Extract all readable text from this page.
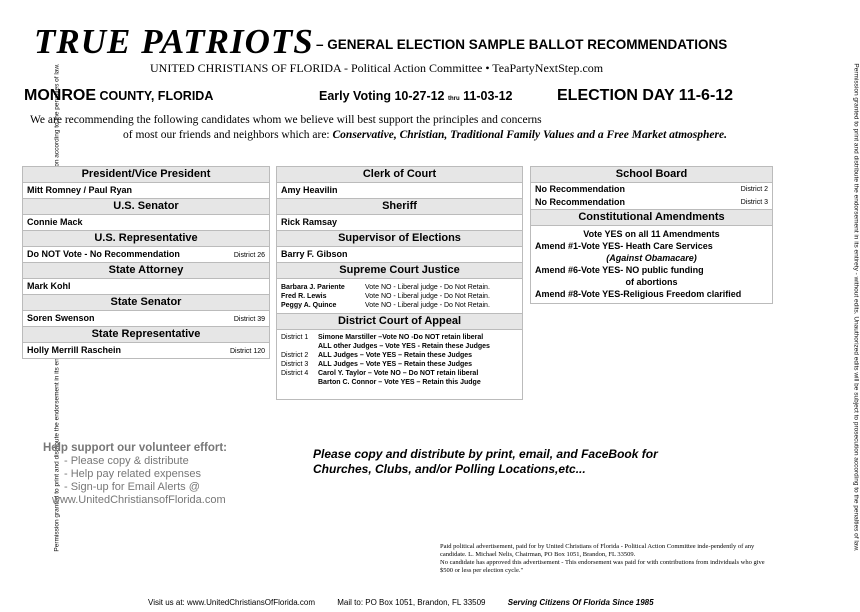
Permission granted to print and distribute the endorsement in its entirety - without edits. Unauthorized edits will be subject to prosecution according to the penalties of law.
TRUE PATRIOTS – GENERAL ELECTION SAMPLE BALLOT RECOMMENDATIONS
UNITED CHRISTIANS OF FLORIDA - Political Action Committee • TeaPartyNextStep.com
MONROE COUNTY, FLORIDA	Early Voting 10-27-12 thru 11-03-12	ELECTION DAY 11-6-12
We are recommending the following candidates whom we believe will best support the principles and concerns
of most our friends and neighbors which are: Conservative, Christian, Traditional Family Values and a Free Market atmosphere.
President/Vice President
Mitt Romney / Paul Ryan
U.S. Senator
Connie Mack
U.S. Representative
Do NOT Vote - No Recommendation	District 26
State Attorney
Mark Kohl
State Senator
Soren Swenson	District 39
State Representative
Holly Merrill Raschein	District 120
Clerk of Court
Amy Heavilin
Sheriff
Rick Ramsay
Supervisor of Elections
Barry F. Gibson
Supreme Court Justice
Barbara J. Pariente	Vote NO - Liberal judge - Do Not Retain.
Fred R. Lewis	Vote NO - Liberal judge - Do Not Retain.
Peggy A. Quince	Vote NO - Liberal judge - Do Not Retain.
District Court of Appeal
District 1 Simone Marstiller –Vote NO -Do NOT retain liberal
ALL other Judges – Vote YES - Retain these Judges
District 2 ALL Judges – Vote YES – Retain these Judges
District 3 ALL Judges – Vote YES – Retain these Judges
District 4 Carol Y. Taylor – Vote NO – Do NOT retain liberal
Barton C. Connor – Vote YES – Retain this Judge
School Board
No Recommendation	District 2
No Recommendation	District 3
Constitutional Amendments
Vote YES on all 11 Amendments
Amend #1-Vote YES- Heath Care Services
(Against Obamacare)
Amend #6-Vote YES- NO public funding
of abortions
Amend #8-Vote YES-Religious Freedom clarified
Help support our volunteer effort:
- Please copy & distribute
- Help pay related expenses
- Sign-up for Email Alerts @
www.UnitedChristiansofFlorida.com
Please copy and distribute by print, email, and FaceBook for
Churches, Clubs, and/or Polling Locations,etc...
Paid political advertisement, paid for by United Christians of Florida - Political Action Committee inde-pendently of any candidate. L. Michael Nelis, Chairman, PO Box 1051, Brandon, FL 33509.
No candidate has approved this advertisement - This endorsement was paid for with contributions from individuals who give $500 or less per election cycle."
Visit us at: www.UnitedChristiansOfFlorida.com	Mail to: PO Box 1051, Brandon, FL 33509	Serving Citizens Of Florida Since 1985
